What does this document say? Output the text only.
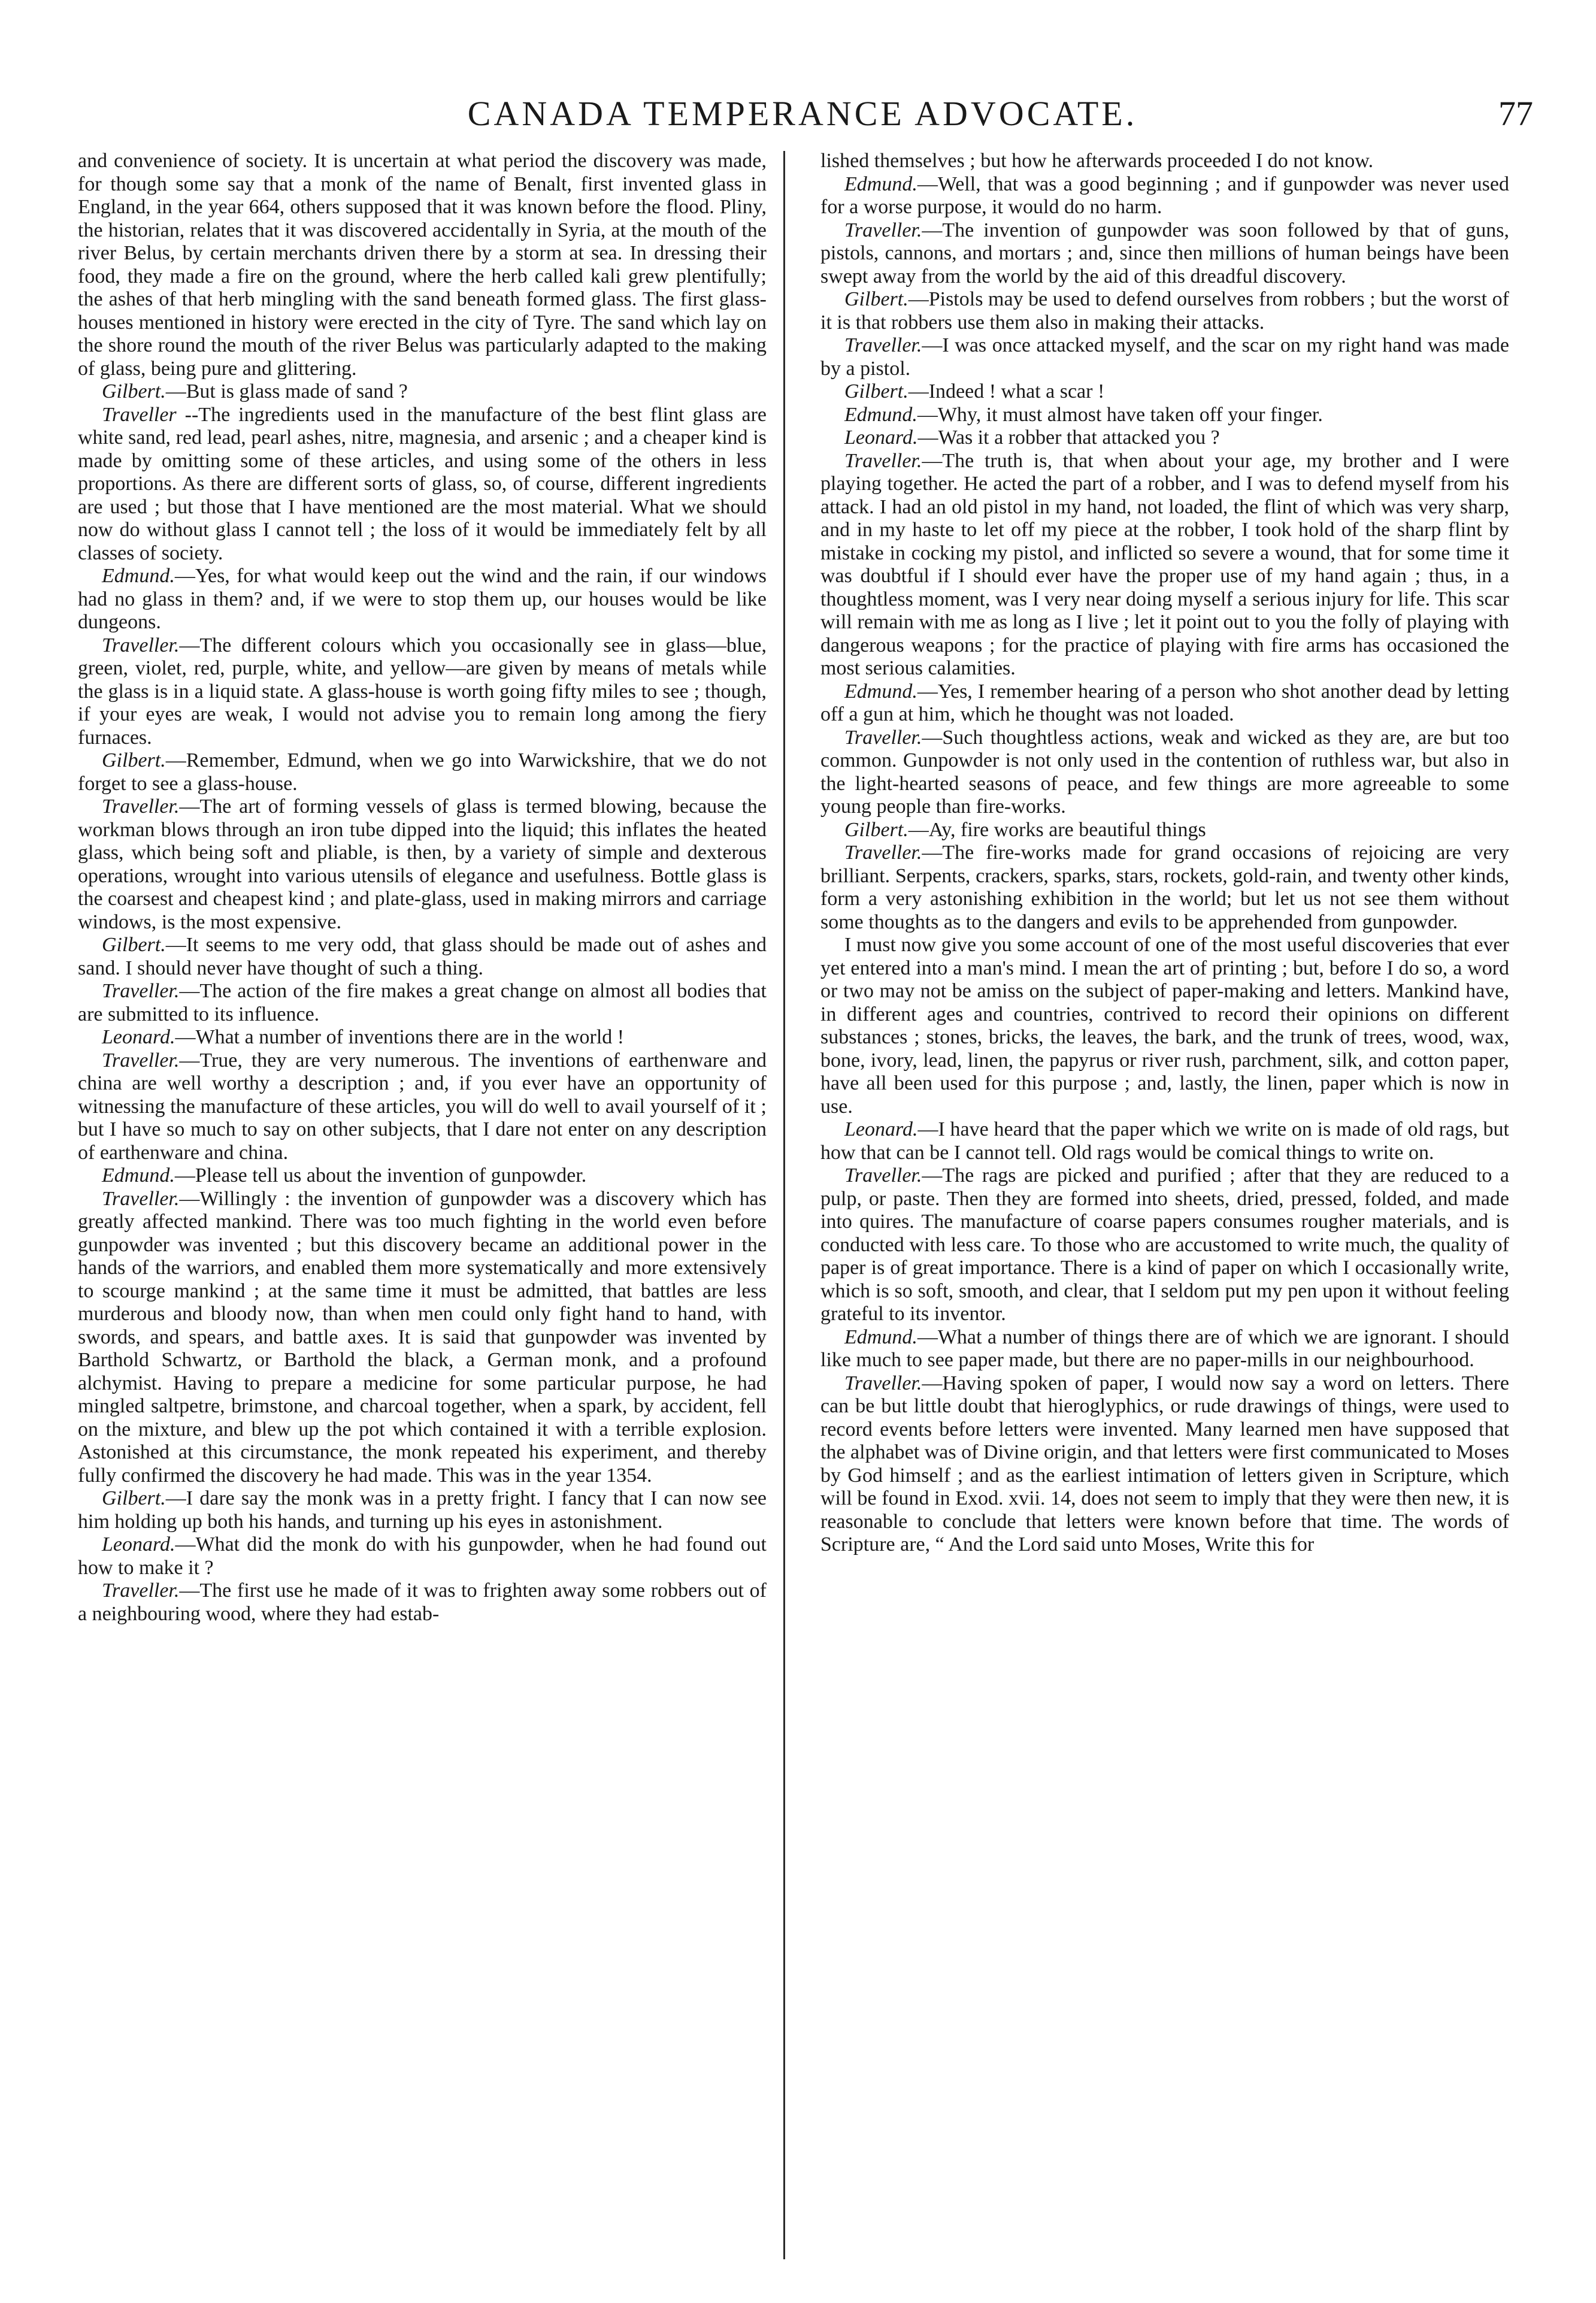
CANADA TEMPERANCE ADVOCATE.	77

and convenience of society. It is uncertain at what period the discovery was made, for though some say that a monk of the name of Benalt, first invented glass in England, in the year 664, others supposed that it was known before the flood. Pliny, the historian, relates that it was discovered accidentally in Syria, at the mouth of the river Belus, by certain merchants driven there by a storm at sea. In dressing their food, they made a fire on the ground, where the herb called kali grew plentifully; the ashes of that herb mingling with the sand beneath formed glass. The first glass-houses mentioned in history were erected in the city of Tyre. The sand which lay on the shore round the mouth of the river Belus was particularly adapted to the making of glass, being pure and glittering.

Gilbert.—But is glass made of sand ?

Traveller --The ingredients used in the manufacture of the best flint glass are white sand, red lead, pearl ashes, nitre, magnesia, and arsenic ; and a cheaper kind is made by omitting some of these articles, and using some of the others in less proportions. As there are different sorts of glass, so, of course, different ingredients are used ; but those that I have mentioned are the most material. What we should now do without glass I cannot tell ; the loss of it would be immediately felt by all classes of society.

Edmund.—Yes, for what would keep out the wind and the rain, if our windows had no glass in them? and, if we were to stop them up, our houses would be like dungeons.

Traveller.—The different colours which you occasionally see in glass—blue, green, violet, red, purple, white, and yellow—are given by means of metals while the glass is in a liquid state. A glass-house is worth going fifty miles to see ; though, if your eyes are weak, I would not advise you to remain long among the fiery furnaces.

Gilbert.—Remember, Edmund, when we go into Warwickshire, that we do not forget to see a glass-house.

Traveller.—The art of forming vessels of glass is termed blowing, because the workman blows through an iron tube dipped into the liquid; this inflates the heated glass, which being soft and pliable, is then, by a variety of simple and dexterous operations, wrought into various utensils of elegance and usefulness. Bottle glass is the coarsest and cheapest kind ; and plate-glass, used in making mirrors and carriage windows, is the most expensive.

Gilbert.—It seems to me very odd, that glass should be made out of ashes and sand. I should never have thought of such a thing.

Traveller.—The action of the fire makes a great change on almost all bodies that are submitted to its influence.

Leonard.—What a number of inventions there are in the world !

Traveller.—True, they are very numerous. The inventions of earthenware and china are well worthy a description ; and, if you ever have an opportunity of witnessing the manufacture of these articles, you will do well to avail yourself of it ; but I have so much to say on other subjects, that I dare not enter on any description of earthenware and china.

Edmund.—Please tell us about the invention of gunpowder.

Traveller.—Willingly : the invention of gunpowder was a discovery which has greatly affected mankind. There was too much fighting in the world even before gunpowder was invented ; but this discovery became an additional power in the hands of the warriors, and enabled them more systematically and more extensively to scourge mankind ; at the same time it must be admitted, that battles are less murderous and bloody now, than when men could only fight hand to hand, with swords, and spears, and battle axes. It is said that gunpowder was invented by Barthold Schwartz, or Barthold the black, a German monk, and a profound alchymist. Having to prepare a medicine for some particular purpose, he had mingled saltpetre, brimstone, and charcoal together, when a spark, by accident, fell on the mixture, and blew up the pot which contained it with a terrible explosion. Astonished at this circumstance, the monk repeated his experiment, and thereby fully confirmed the discovery he had made. This was in the year 1354.

Gilbert.—I dare say the monk was in a pretty fright. I fancy that I can now see him holding up both his hands, and turning up his eyes in astonishment.

Leonard.—What did the monk do with his gunpowder, when he had found out how to make it ?

Traveller.—The first use he made of it was to frighten away some robbers out of a neighbouring wood, where they had estab-

lished themselves ; but how he afterwards proceeded I do not know.

Edmund.—Well, that was a good beginning ; and if gunpowder was never used for a worse purpose, it would do no harm.

Traveller.—The invention of gunpowder was soon followed by that of guns, pistols, cannons, and mortars ; and, since then millions of human beings have been swept away from the world by the aid of this dreadful discovery.

Gilbert.—Pistols may be used to defend ourselves from robbers ; but the worst of it is that robbers use them also in making their attacks.

Traveller.—I was once attacked myself, and the scar on my right hand was made by a pistol.

Gilbert.—Indeed ! what a scar !

Edmund.—Why, it must almost have taken off your finger.

Leonard.—Was it a robber that attacked you ?

Traveller.—The truth is, that when about your age, my brother and I were playing together. He acted the part of a robber, and I was to defend myself from his attack. I had an old pistol in my hand, not loaded, the flint of which was very sharp, and in my haste to let off my piece at the robber, I took hold of the sharp flint by mistake in cocking my pistol, and inflicted so severe a wound, that for some time it was doubtful if I should ever have the proper use of my hand again ; thus, in a thoughtless moment, was I very near doing myself a serious injury for life. This scar will remain with me as long as I live ; let it point out to you the folly of playing with dangerous weapons ; for the practice of playing with fire arms has occasioned the most serious calamities.

Edmund.—Yes, I remember hearing of a person who shot another dead by letting off a gun at him, which he thought was not loaded.

Traveller.—Such thoughtless actions, weak and wicked as they are, are but too common. Gunpowder is not only used in the contention of ruthless war, but also in the light-hearted seasons of peace, and few things are more agreeable to some young people than fire-works.

Gilbert.—Ay, fire works are beautiful things

Traveller.—The fire-works made for grand occasions of rejoicing are very brilliant. Serpents, crackers, sparks, stars, rockets, gold-rain, and twenty other kinds, form a very astonishing exhibition in the world; but let us not see them without some thoughts as to the dangers and evils to be apprehended from gunpowder.

I must now give you some account of one of the most useful discoveries that ever yet entered into a man's mind. I mean the art of printing ; but, before I do so, a word or two may not be amiss on the subject of paper-making and letters. Mankind have, in different ages and countries, contrived to record their opinions on different substances ; stones, bricks, the leaves, the bark, and the trunk of trees, wood, wax, bone, ivory, lead, linen, the papyrus or river rush, parchment, silk, and cotton paper, have all been used for this purpose ; and, lastly, the linen, paper which is now in use.

Leonard.—I have heard that the paper which we write on is made of old rags, but how that can be I cannot tell. Old rags would be comical things to write on.

Traveller.—The rags are picked and purified ; after that they are reduced to a pulp, or paste. Then they are formed into sheets, dried, pressed, folded, and made into quires. The manufacture of coarse papers consumes rougher materials, and is conducted with less care. To those who are accustomed to write much, the quality of paper is of great importance. There is a kind of paper on which I occasionally write, which is so soft, smooth, and clear, that I seldom put my pen upon it without feeling grateful to its inventor.

Edmund.—What a number of things there are of which we are ignorant. I should like much to see paper made, but there are no paper-mills in our neighbourhood.

Traveller.—Having spoken of paper, I would now say a word on letters. There can be but little doubt that hieroglyphics, or rude drawings of things, were used to record events before letters were invented. Many learned men have supposed that the alphabet was of Divine origin, and that letters were first communicated to Moses by God himself ; and as the earliest intimation of letters given in Scripture, which will be found in Exod. xvii. 14, does not seem to imply that they were then new, it is reasonable to conclude that letters were known before that time. The words of Scripture are, “ And the Lord said unto Moses, Write this for
